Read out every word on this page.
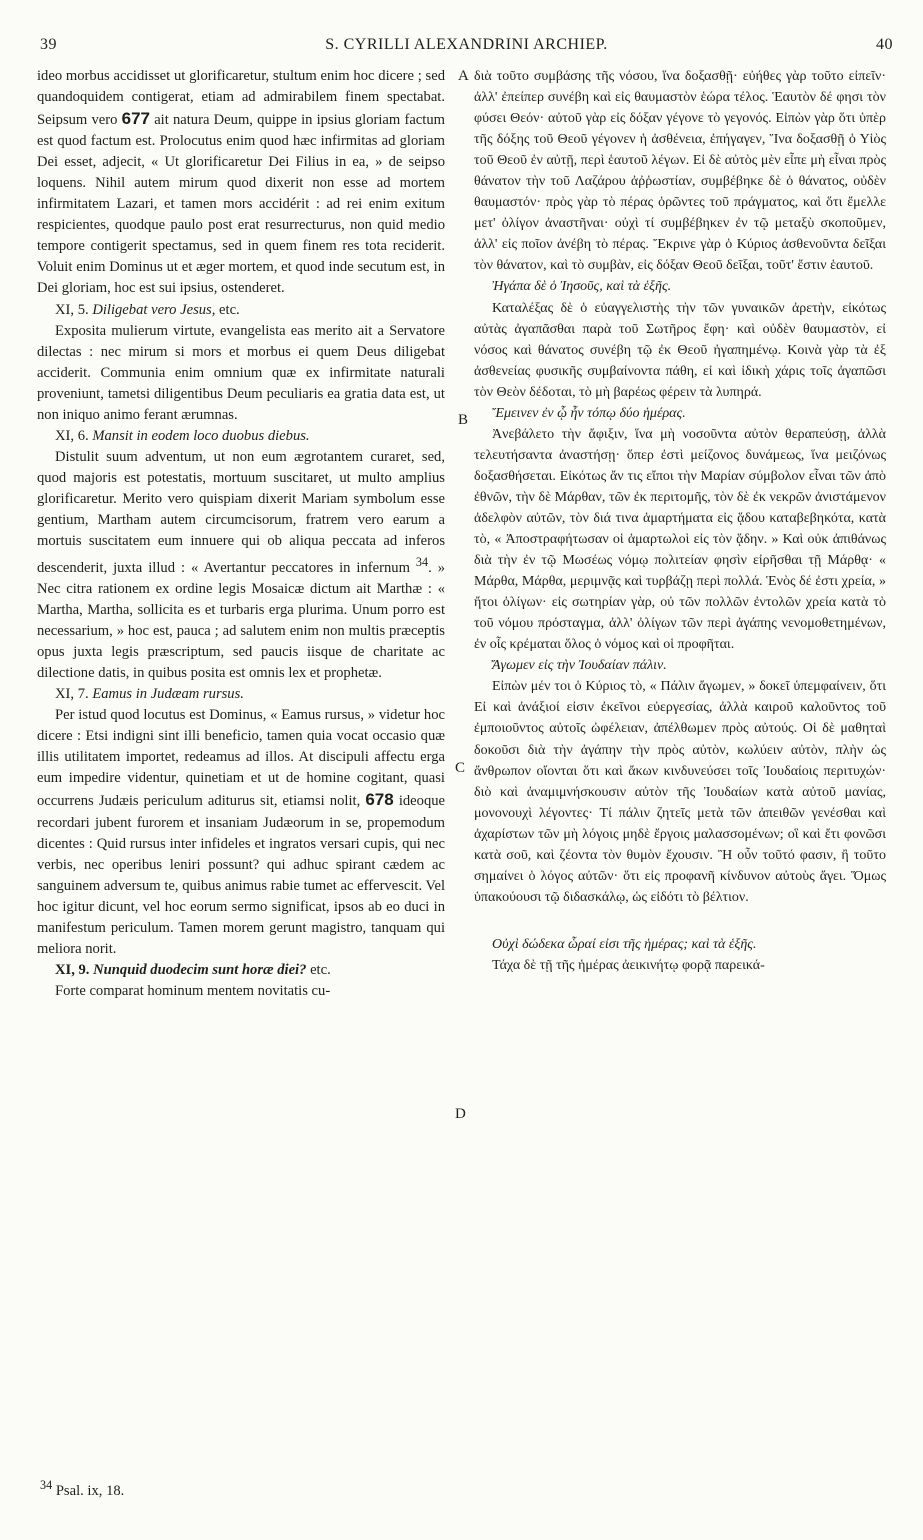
39	S. CYRILLI ALEXANDRINI ARCHIEP.	40
A
B
C
D

ideo morbus accidisset ut glorificaretur, stultum enim hoc dicere ; sed quandoquidem contigerat, etiam ad admirabilem finem spectabat. Seipsum vero 677 ait natura Deum, quippe in ipsius gloriam factum est quod factum est. Prolocutus enim quod hæc infirmitas ad gloriam Dei esset, adjecit, « Ut glorificaretur Dei Filius in ea, » de seipso loquens. Nihil autem mirum quod dixerit non esse ad mortem infirmitatem Lazari, et tamen mors accidérit : ad rei enim exitum respicientes, quodque paulo post erat resurrecturus, non quid medio tempore contigerit spectamus, sed in quem finem res tota reciderit. Voluit enim Dominus ut et æger mortem, et quod inde secutum est, in Dei gloriam, hoc est sui ipsius, ostenderet.

XI, 5. Diligebat vero Jesus, etc.

Exposita mulierum virtute, evangelista eas merito ait a Servatore dilectas : nec mirum si mors et morbus ei quem Deus diligebat acciderit. Communia enim omnium quæ ex infirmitate naturali proveniunt, tametsi diligentibus Deum peculiaris ea gratia data est, ut non iniquo animo ferant ærumnas.

XI, 6. Mansit in eodem loco duobus diebus.

Distulit suum adventum, ut non eum ægrotantem curaret, sed, quod majoris est potestatis, mortuum suscitaret, ut multo amplius glorificaretur. Merito vero quispiam dixerit Mariam symbolum esse gentium, Martham autem circumcisorum, fratrem vero earum a mortuis suscitatem eum innuere qui ob aliqua peccata ad inferos descenderit, juxta illud : « Avertantur peccatores in infernum $^{34}$. » Nec citra rationem ex ordine legis Mosaicæ dictum ait Marthæ : « Martha, Martha, sollicita es et turbaris erga plurima. Unum porro est necessarium, » hoc est, pauca ; ad salutem enim non multis præceptis opus juxta legis præscriptum, sed paucis iisque de charitate ac dilectione datis, in quibus posita est omnis lex et prophetæ.

XI, 7. Eamus in Judæam rursus.

Per istud quod locutus est Dominus, « Eamus rursus, » videtur hoc dicere : Etsi indigni sint illi beneficio, tamen quia vocat occasio quæ illis utilitatem importet, redeamus ad illos. At discipuli affectu erga eum impedire videntur, quinetiam et ut de homine cogitant, quasi occurrens Judæis periculum aditurus sit, etiamsi nolit, 678 ideoque recordari jubent furorem et insaniam Judæorum in se, propemodum dicentes : Quid rursus inter infideles et ingratos versari cupis, qui nec verbis, nec operibus leniri possunt? qui adhuc spirant cædem ac sanguinem adversum te, quibus animus rabie tumet ac effervescit. Vel hoc igitur dicunt, vel hoc eorum sermo significat, ipsos ab eo duci in manifestum periculum. Tamen morem gerunt magistro, tanquam qui meliora norit.

XI, 9. Nunquid duodecim sunt horæ diei? etc.

Forte comparat hominum mentem novitatis cu-

διὰ τοῦτο συμβάσης τῆς νόσου, ἵνα δοξασθῇ· εὐήθες γὰρ τοῦτο εἰπεῖν· ἀλλ' ἐπείπερ συνέβη καὶ εἰς θαυμαστὸν ἑώρα τέλος. Ἑαυτὸν δέ φησι τὸν φύσει Θεόν· αὐτοῦ γὰρ εἰς δόξαν γέγονε τὸ γεγονός. Εἰπὼν γὰρ ὅτι ὑπὲρ τῆς δόξης τοῦ Θεοῦ γέγονεν ἡ ἀσθένεια, ἐπήγαγεν, Ἵνα δοξασθῇ ὁ Υἱὸς τοῦ Θεοῦ ἐν αὐτῇ, περὶ ἑαυτοῦ λέγων. Εἰ δὲ αὐτὸς μὲν εἶπε μὴ εἶναι πρὸς θάνατον τὴν τοῦ Λαζάρου ἀῤῥωστίαν, συμβέβηκε δὲ ὁ θάνατος, οὐδὲν θαυμαστόν· πρὸς γὰρ τὸ πέρας ὁρῶντες τοῦ πράγματος, καὶ ὅτι ἔμελλε μετ' ὀλίγον ἀναστῆναι· οὐχὶ τί συμβέβηκεν ἐν τῷ μεταξὺ σκοποῦμεν, ἀλλ' εἰς ποῖον ἀνέβη τὸ πέρας. Ἔκρινε γὰρ ὁ Κύριος ἀσθενοῦντα δεῖξαι τὸν θάνατον, καὶ τὸ συμβὰν, εἰς δόξαν Θεοῦ δεῖξαι, τοῦτ' ἔστιν ἑαυτοῦ.

Ἠγάπα δὲ ὁ Ἰησοῦς, καὶ τὰ ἑξῆς.

Καταλέξας δὲ ὁ εὐαγγελιστὴς τὴν τῶν γυναικῶν ἀρετὴν, εἰκότως αὐτὰς ἀγαπᾶσθαι παρὰ τοῦ Σωτῆρος ἔφη· καὶ οὐδὲν θαυμαστὸν, εἰ νόσος καὶ θάνατος συνέβη τῷ ἐκ Θεοῦ ἠγαπημένῳ. Κοινὰ γὰρ τὰ ἐξ ἀσθενείας φυσικῆς συμβαίνοντα πάθη, εἰ καὶ ἰδικὴ χάρις τοῖς ἀγαπῶσι τὸν Θεὸν δέδοται, τὸ μὴ βαρέως φέρειν τὰ λυπηρά.

Ἔμεινεν ἐν ᾧ ἦν τόπῳ δύο ἡμέρας.

Ἀνεβάλετο τὴν ἄφιξιν, ἵνα μὴ νοσοῦντα αὐτὸν θεραπεύσῃ, ἀλλὰ τελευτήσαντα ἀναστήσῃ· ὅπερ ἐστὶ μείζονος δυνάμεως, ἵνα μειζόνως δοξασθήσεται. Εἰκότως ἄν τις εἴποι τὴν Μαρίαν σύμβολον εἶναι τῶν ἀπὸ ἐθνῶν, τὴν δὲ Μάρθαν, τῶν ἐκ περιτομῆς, τὸν δὲ ἐκ νεκρῶν ἀνιστάμενον ἀδελφὸν αὐτῶν, τὸν διά τινα ἁμαρτήματα εἰς ᾅδου καταβεβηκότα, κατὰ τὸ, « Ἀποστραφήτωσαν οἱ ἁμαρτωλοὶ εἰς τὸν ᾅδην. » Καὶ οὐκ ἀπιθάνως διὰ τὴν ἐν τῷ Μωσέως νόμῳ πολιτείαν φησὶν εἰρῆσθαι τῇ Μάρθᾳ· « Μάρθα, Μάρθα, μεριμνᾷς καὶ τυρβάζῃ περὶ πολλά. Ἑνὸς δέ ἐστι χρεία, » ἤτοι ὀλίγων· εἰς σωτηρίαν γὰρ, οὐ τῶν πολλῶν ἐντολῶν χρεία κατὰ τὸ τοῦ νόμου πρόσταγμα, ἀλλ' ὀλίγων τῶν περὶ ἀγάπης νενομοθετημένων, ἐν οἷς κρέμαται ὅλος ὁ νόμος καὶ οἱ προφῆται.

Ἄγωμεν εἰς τὴν Ἰουδαίαν πάλιν.

Εἰπὼν μέν τοι ὁ Κύριος τὸ, « Πάλιν ἄγωμεν, » δοκεῖ ὑπεμφαίνειν, ὅτι Εἰ καὶ ἀνάξιοί εἰσιν ἐκεῖνοι εὐεργεσίας, ἀλλὰ καιροῦ καλοῦντος τοῦ ἐμποιοῦντος αὐτοῖς ὠφέλειαν, ἀπέλθωμεν πρὸς αὐτούς. Οἱ δὲ μαθηταὶ δοκοῦσι διὰ τὴν ἀγάπην τὴν πρὸς αὐτὸν, κωλύειν αὐτὸν, πλὴν ὡς ἄνθρωπον οἴονται ὅτι καὶ ἄκων κινδυνεύσει τοῖς Ἰουδαίοις περιτυχών· διὸ καὶ ἀναμιμνήσκουσιν αὐτὸν τῆς Ἰουδαίων κατὰ αὐτοῦ μανίας, μονονουχὶ λέγοντες· Τί πάλιν ζητεῖς μετὰ τῶν ἀπειθῶν γενέσθαι καὶ ἀχαρίστων τῶν μὴ λόγοις μηδὲ ἔργοις μαλασσομένων; οἳ καὶ ἔτι φονῶσι κατὰ σοῦ, καὶ ζέοντα τὸν θυμὸν ἔχουσιν. Ἢ οὖν τοῦτό φασιν, ἢ τοῦτο σημαίνει ὁ λόγος αὐτῶν· ὅτι εἰς προφανῆ κίνδυνον αὐτοὺς ἄγει. Ὅμως ὑπακούουσι τῷ διδασκάλῳ, ὡς εἰδότι τὸ βέλτιον.

Οὐχὶ δώδεκα ὧραί εἰσι τῆς ἡμέρας; καὶ τὰ ἑξῆς.

Τάχα δὲ τῇ τῆς ἡμέρας ἀεικινήτῳ φορᾷ παρεικά-

$^{34}$ Psal. ix, 18.
